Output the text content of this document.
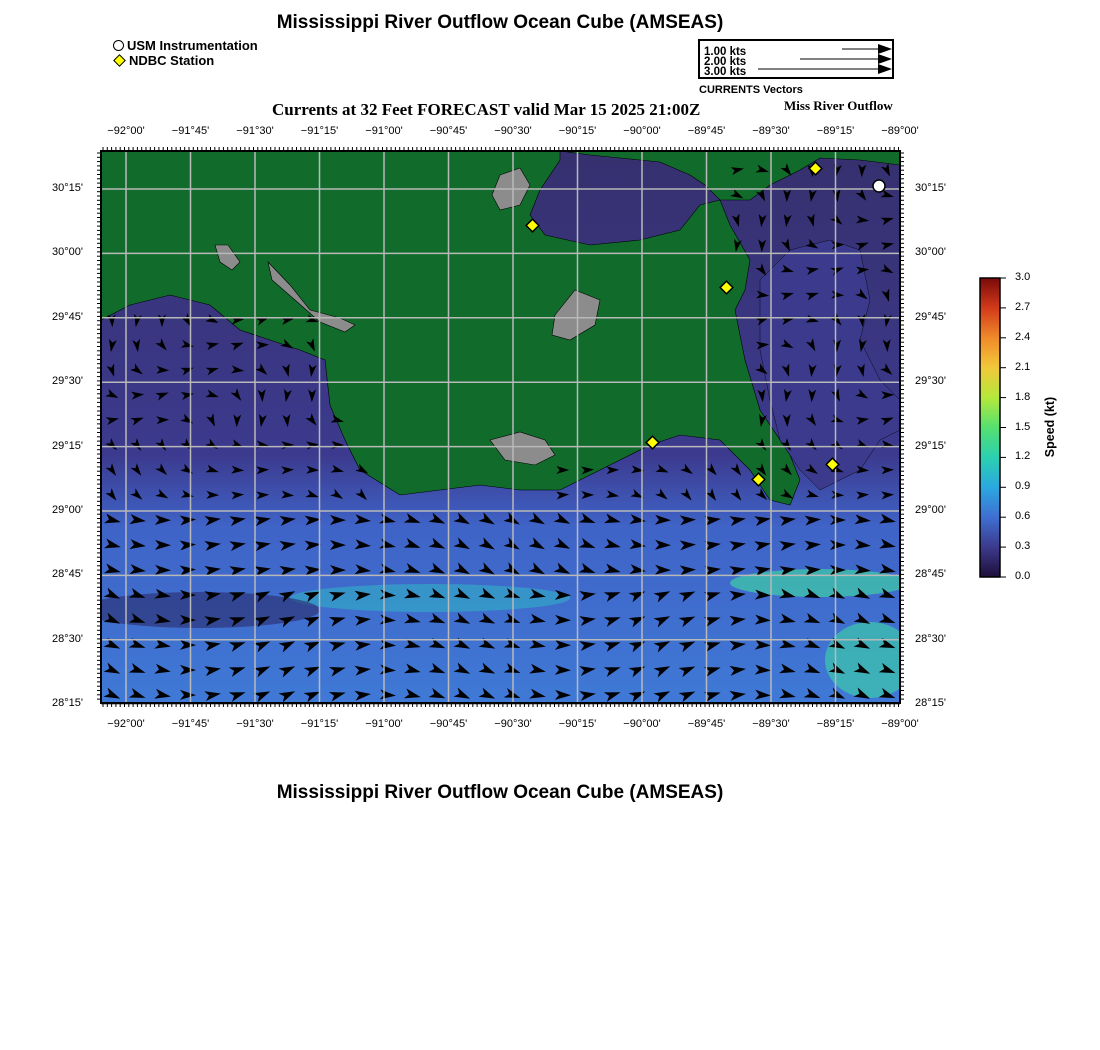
Mississippi River Outflow Ocean Cube (AMSEAS)
USM Instrumentation
NDBC Station
1.00 kts
2.00 kts
3.00 kts
CURRENTS Vectors
Currents at 32 Feet FORECAST valid Mar 15 2025 21:00Z	Miss River Outflow
−92°00'	−91°45'	−91°30'	−91°15'	−91°00'	−90°45'	−90°30'	−90°15'	−90°00'	−89°45'	−89°30'	−89°15'	−89°00'
−92°00'	−91°45'	−91°30'	−91°15'	−91°00'	−90°45'	−90°30'	−90°15'	−90°00'	−89°45'	−89°30'	−89°15'	−89°00'
30°15'
30°00'
29°45'
29°30'
29°15'
29°00'
28°45'
28°30'
28°15'
30°15'
30°00'
29°45'
29°30'
29°15'
29°00'
28°45'
28°30'
28°15'
3.0
2.7
2.4
2.1
1.8
1.5
1.2
0.9
0.6
0.3
0.0
Speed (kt)
Mississippi River Outflow Ocean Cube (AMSEAS)
